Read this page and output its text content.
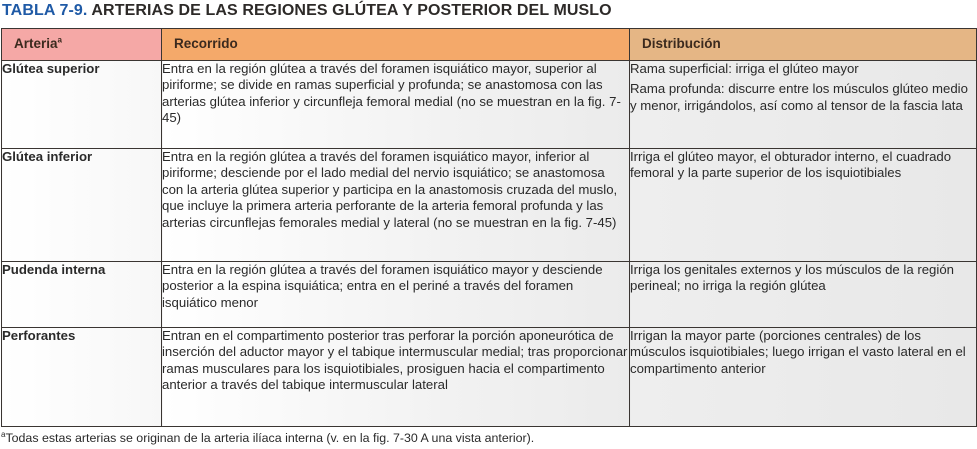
TABLA 7-9. ARTERIAS DE LAS REGIONES GLÚTEA Y POSTERIOR DEL MUSLO
Arteria$^a$	Recorrido	Distribución
Glútea superior	Entra en la región glútea a través del foramen isquiático mayor, superior al piriforme; se divide en ramas superficial y profunda; se anastomosa con las arterias glútea inferior y circunfleja femoral medial (no se muestran en la fig. 7-45)	Rama superficial: irriga el glúteo mayor
Rama profunda: discurre entre los músculos glúteo medio y menor, irrigándolos, así como al tensor de la fascia lata

Glútea inferior	Entra en la región glútea a través del foramen isquiático mayor, inferior al piriforme; desciende por el lado medial del nervio isquiático; se anastomosa con la arteria glútea superior y participa en la anastomosis cruzada del muslo, que incluye la primera arteria perforante de la arteria femoral profunda y las arterias circunflejas femorales medial y lateral (no se muestran en la fig. 7-45)	Irriga el glúteo mayor, el obturador interno, el cuadrado femoral y la parte superior de los isquiotibiales

Pudenda interna	Entra en la región glútea a través del foramen isquiático mayor y desciende posterior a la espina isquiática; entra en el periné a través del foramen isquiático menor	Irriga los genitales externos y los músculos de la región perineal; no irriga la región glútea

Perforantes	Entran en el compartimento posterior tras perforar la porción aponeurótica de inserción del aductor mayor y el tabique intermuscular medial; tras proporcionar ramas musculares para los isquiotibiales, prosiguen hacia el compartimento anterior a través del tabique intermuscular lateral	Irrigan la mayor parte (porciones centrales) de los músculos isquiotibiales; luego irrigan el vasto lateral en el compartimento anterior
$^a$Todas estas arterias se originan de la arteria ilíaca interna (v. en la fig. 7-30 A una vista anterior).
